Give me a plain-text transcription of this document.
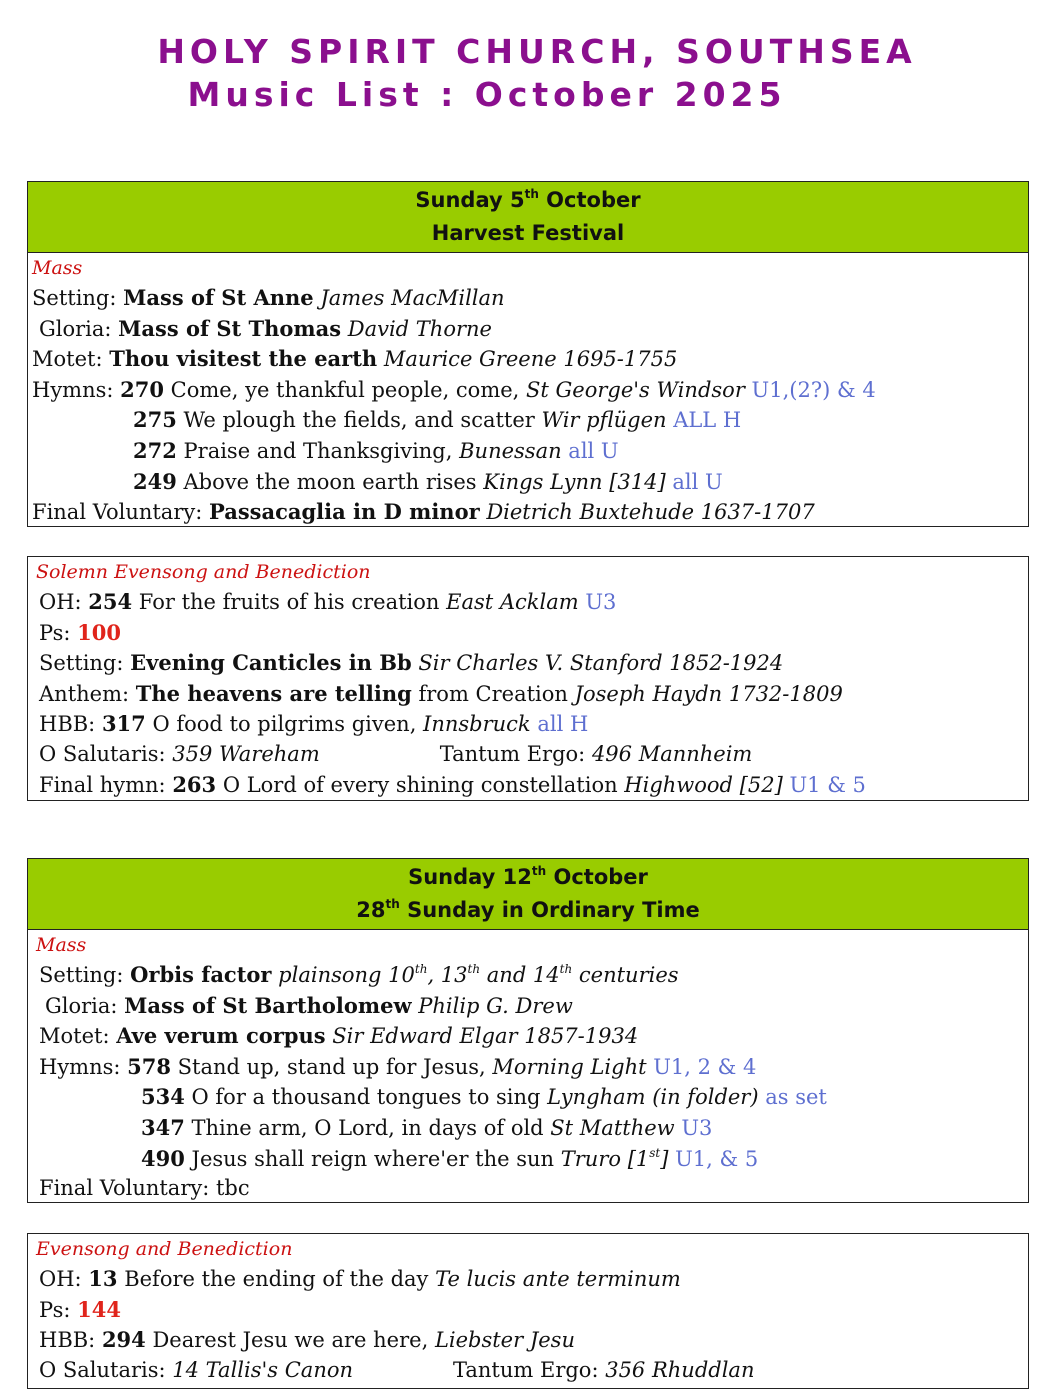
HOLY SPIRIT CHURCH, SOUTHSEA
Music List : October 2025
Sunday 5th October
Harvest Festival
Mass
Setting: Mass of St Anne James MacMillan
Gloria: Mass of St Thomas David Thorne
Motet: Thou visitest the earth Maurice Greene 1695-1755
Hymns: 270 Come, ye thankful people, come, St George's Windsor U1,(2?) & 4
275 We plough the fields, and scatter Wir pflügen ALL H
272 Praise and Thanksgiving, Bunessan all U
249 Above the moon earth rises Kings Lynn [314] all U
Final Voluntary: Passacaglia in D minor Dietrich Buxtehude 1637-1707
Solemn Evensong and Benediction
OH: 254 For the fruits of his creation East Acklam U3
Ps: 100
Setting: Evening Canticles in Bb Sir Charles V. Stanford 1852-1924
Anthem: The heavens are telling from Creation Joseph Haydn 1732-1809
HBB: 317 O food to pilgrims given, Innsbruck all H
O Salutaris: 359 Wareham	Tantum Ergo: 496 Mannheim
Final hymn: 263 O Lord of every shining constellation Highwood [52] U1 & 5
Sunday 12th October
28th Sunday in Ordinary Time
Mass
Setting: Orbis factor plainsong 10th, 13th and 14th centuries
Gloria: Mass of St Bartholomew Philip G. Drew
Motet: Ave verum corpus Sir Edward Elgar 1857-1934
Hymns: 578 Stand up, stand up for Jesus, Morning Light U1, 2 & 4
534 O for a thousand tongues to sing Lyngham (in folder) as set
347 Thine arm, O Lord, in days of old St Matthew U3
490 Jesus shall reign where'er the sun Truro [1st] U1, & 5
Final Voluntary: tbc
Evensong and Benediction
OH: 13 Before the ending of the day Te lucis ante terminum
Ps: 144
HBB: 294 Dearest Jesu we are here, Liebster Jesu
O Salutaris: 14 Tallis's Canon	Tantum Ergo: 356 Rhuddlan
